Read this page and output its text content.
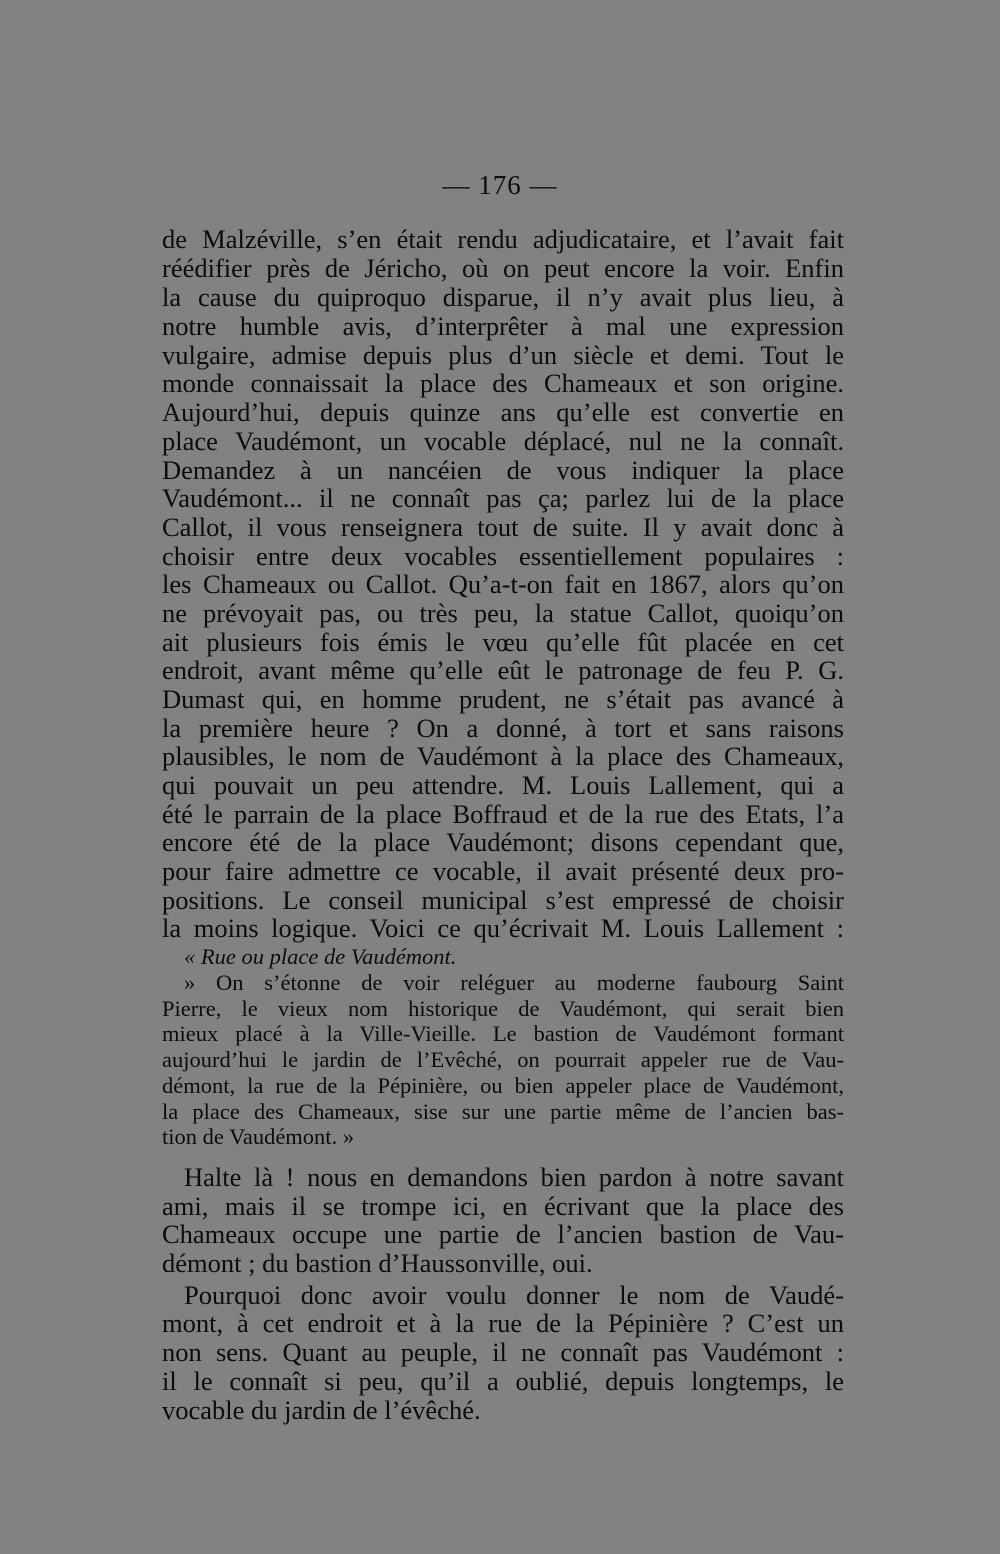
— 176 —
de Malzéville, s’en était rendu adjudicataire, et l’avait fait
réédifier près de Jéricho, où on peut encore la voir. Enfin
la cause du quiproquo disparue, il n’y avait plus lieu, à
notre humble avis, d’interprêter à mal une expression
vulgaire, admise depuis plus d’un siècle et demi. Tout le
monde connaissait la place des Chameaux et son origine.
Aujourd’hui, depuis quinze ans qu’elle est convertie en
place Vaudémont, un vocable déplacé, nul ne la connaît.
Demandez à un nancéien de vous indiquer la place
Vaudémont... il ne connaît pas ça; parlez lui de la place
Callot, il vous renseignera tout de suite. Il y avait donc à
choisir entre deux vocables essentiellement populaires :
les Chameaux ou Callot. Qu’a-t-on fait en 1867, alors qu’on
ne prévoyait pas, ou très peu, la statue Callot, quoiqu’on
ait plusieurs fois émis le vœu qu’elle fût placée en cet
endroit, avant même qu’elle eût le patronage de feu P. G.
Dumast qui, en homme prudent, ne s’était pas avancé à
la première heure ? On a donné, à tort et sans raisons
plausibles, le nom de Vaudémont à la place des Chameaux,
qui pouvait un peu attendre. M. Louis Lallement, qui a
été le parrain de la place Boffraud et de la rue des Etats, l’a
encore été de la place Vaudémont; disons cependant que,
pour faire admettre ce vocable, il avait présenté deux pro-
positions. Le conseil municipal s’est empressé de choisir
la moins logique. Voici ce qu’écrivait M. Louis Lallement :
« Rue ou place de Vaudémont.
» On s’étonne de voir reléguer au moderne faubourg Saint
Pierre, le vieux nom historique de Vaudémont, qui serait bien
mieux placé à la Ville-Vieille. Le bastion de Vaudémont formant
aujourd’hui le jardin de l’Evêché, on pourrait appeler rue de Vau-
démont, la rue de la Pépinière, ou bien appeler place de Vaudémont,
la place des Chameaux, sise sur une partie même de l’ancien bas-
tion de Vaudémont. »
Halte là ! nous en demandons bien pardon à notre savant
ami, mais il se trompe ici, en écrivant que la place des
Chameaux occupe une partie de l’ancien bastion de Vau-
démont ; du bastion d’Haussonville, oui.
Pourquoi donc avoir voulu donner le nom de Vaudé-
mont, à cet endroit et à la rue de la Pépinière ? C’est un
non sens. Quant au peuple, il ne connaît pas Vaudémont :
il le connaît si peu, qu’il a oublié, depuis longtemps, le
vocable du jardin de l’évêché.
